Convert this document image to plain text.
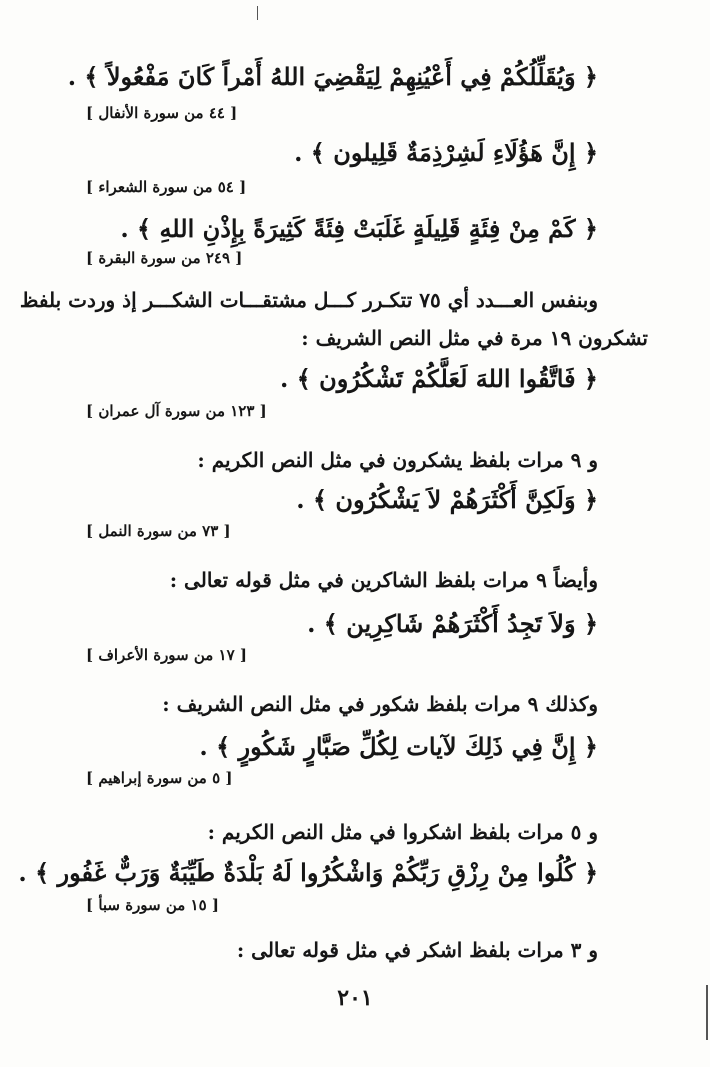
﴿ وَيُقَلِّلُكُمْ فِي أَعْيُنِهِمْ لِيَقْضِيَ اللهُ أَمْراً كَانَ مَفْعُولاً ﴾ .
[ ٤٤ من سورة الأنفال ]
﴿ إِنَّ هَؤُلَاءِ لَشِرْذِمَةٌ قَلِيلون ﴾ .
[ ٥٤ من سورة الشعراء ]
﴿ كَمْ مِنْ فِئَةٍ قَلِيلَةٍ غَلَبَتْ فِئَةً كَثِيرَةً بِإِذْنِ اللهِ ﴾ .
[ ٢٤٩ من سورة البقرة ]
وبنفس العـــدد أي ٧٥ تتكـرر كـــل مشتقـــات الشكـــر إذ وردت بلفظ
تشكرون ١٩ مرة في مثل النص الشريف :
﴿ فَاتَّقُوا اللهَ لَعَلَّكُمْ تَشْكُرُون ﴾ .
[ ١٢٣ من سورة آل عمران ]
و ٩ مرات بلفظ يشكرون في مثل النص الكريم :
﴿ وَلَكِنَّ أَكْثَرَهُمْ لاَ يَشْكُرُون ﴾ .
[ ٧٣ من سورة النمل ]
وأيضاً ٩ مرات بلفظ الشاكرين في مثل قوله تعالى :
﴿ وَلاَ تَجِدُ أَكْثَرَهُمْ شَاكِرِين ﴾ .
[ ١٧ من سورة الأعراف ]
وكذلك ٩ مرات بلفظ شكور في مثل النص الشريف :
﴿ إِنَّ فِي ذَلِكَ لآيات لِكُلِّ صَبَّارٍ شَكُورٍ ﴾ .
[ ٥ من سورة إبراهيم ]
و ٥ مرات بلفظ اشكروا في مثل النص الكريم :
﴿ كُلُوا مِنْ رِزْقِ رَبِّكُمْ وَاشْكُرُوا لَهُ بَلْدَةٌ طَيِّبَةٌ وَرَبٌّ غَفُور ﴾ .
[ ١٥ من سورة سبأ ]
و ٣ مرات بلفظ اشكر في مثل قوله تعالى :
٢٠١
